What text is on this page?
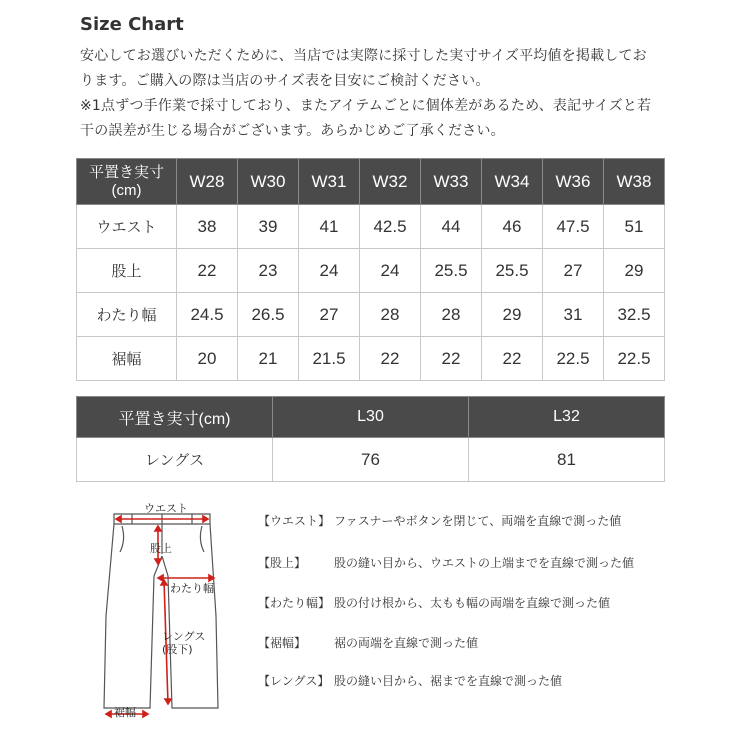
Size Chart
安心してお選びいただくために、当店では実際に採寸した実寸サイズ平均値を掲載してお
ります。ご購入の際は当店のサイズ表を目安にご検討ください。
※1点ずつ手作業で採寸しており、またアイテムごとに個体差があるため、表記サイズと若
干の誤差が生じる場合がございます。あらかじめご了承ください。
平置き実寸
(cm)	W28	W30	W31	W32	W33	W34	W36	W38
ウエスト	38	39	41	42.5	44	46	47.5	51
股上	22	23	24	24	25.5	25.5	27	29
わたり幅	24.5	26.5	27	28	28	29	31	32.5
裾幅	20	21	21.5	22	22	22	22.5	22.5
平置き実寸(cm)	L30	L32
レングス	76	81
ウエスト
股上
わたり幅
レングス
(股下)
裾幅
【ウエスト】 ファスナーやボタンを閉じて、両端を直線で測った値
【股上】 股の縫い目から、ウエストの上端までを直線で測った値
【わたり幅】 股の付け根から、太もも幅の両端を直線で測った値
【裾幅】 裾の両端を直線で測った値
【レングス】 股の縫い目から、裾までを直線で測った値
